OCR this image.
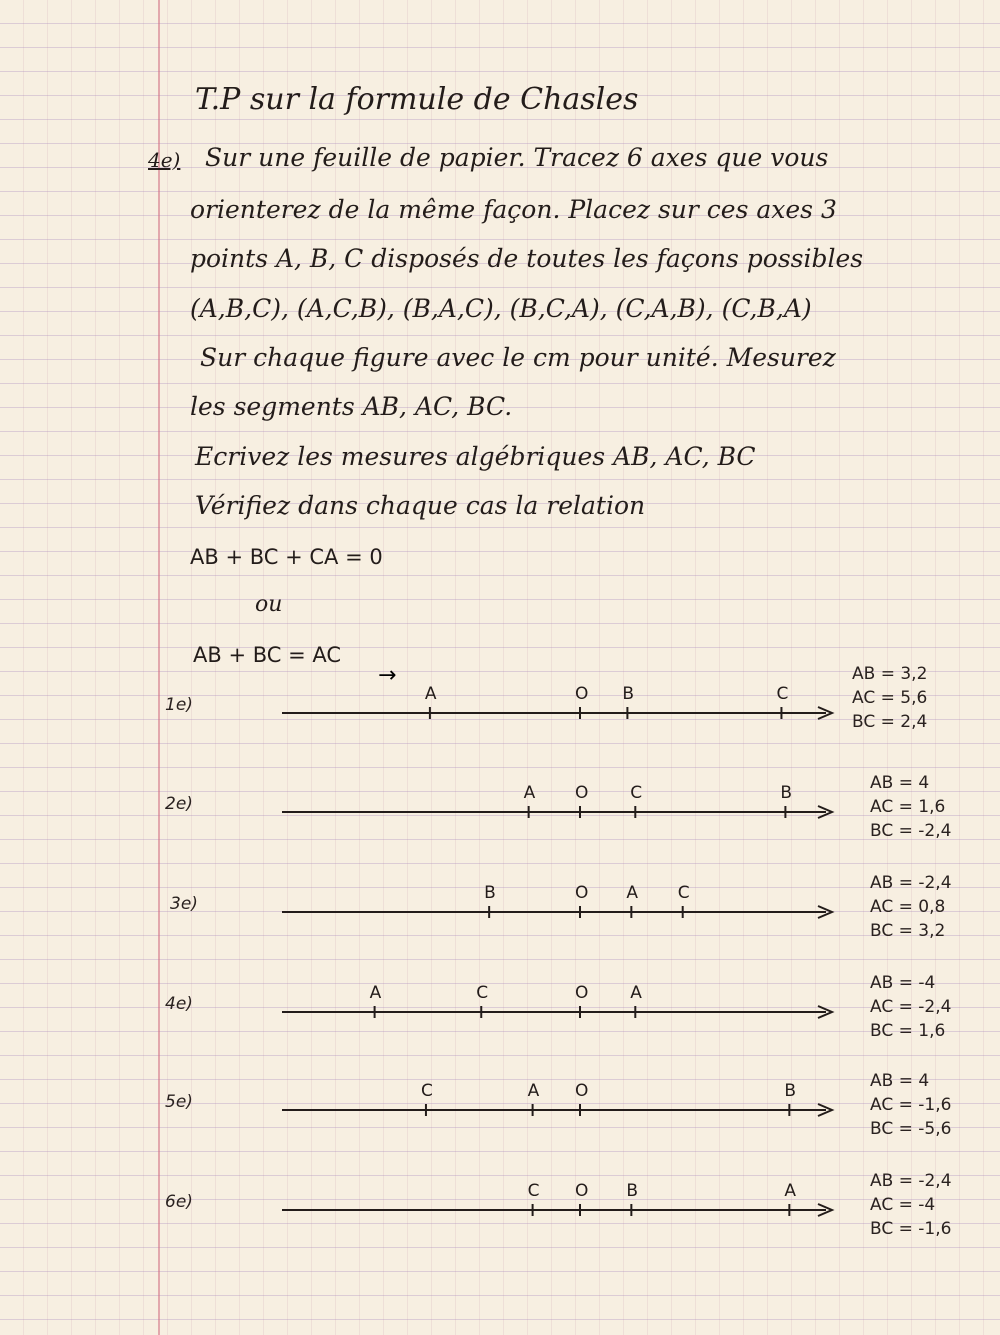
T.P sur la formule de Chasles
4e) Sur une feuille de papier. Tracez 6 axes que vous
orienterez de la même façon. Placez sur ces axes 3
points A, B, C disposés de toutes les façons possibles
(A,B,C), (A,C,B), (B,A,C), (B,C,A), (C,A,B), (C,B,A)
Sur chaque figure avec le cm pour unité. Mesurez
les segments AB, AC, BC.
Ecrivez les mesures algébriques AB, AC, BC
Vérifiez dans chaque cas la relation
AB + BC + CA = 0
ou
AB + BC = AC
→
A	O B	C
A O C	B
B	O A C
A	C	O A
C	A O	B
C O B	A
AB = 3,2
AC = 5,6
BC = 2,4
AB = 4
AC = 1,6
BC = -2,4
AB = -2,4
AC = 0,8
BC = 3,2
AB = -4
AC = -2,4
BC = 1,6
AB = 4
AC = -1,6
BC = -5,6
AB = -2,4
AC = -4
BC = -1,6
1e)
2e)
3e)
4e)
5e)
6e)
